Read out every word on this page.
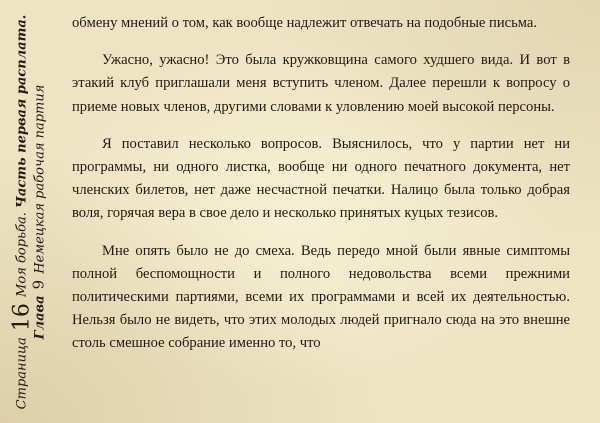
Страница 16 Моя борьба. Часть первая расплата.
Глава 9 Немецкая рабочая партия

обмену мнений о том, как вообще надлежит отвечать на подобные письма.

Ужасно, ужасно! Это была кружковщина самого худшего вида. И вот в этакий клуб приглашали меня вступить членом. Далее перешли к вопросу о приеме новых членов, другими словами к уловлению моей высокой персоны.

Я поставил несколько вопросов. Выяснилось, что у партии нет ни программы, ни одного листка, вообще ни одного печатного документа, нет членских билетов, нет даже несчастной печатки. Налицо была только добрая воля, горячая вера в свое дело и несколько принятых куцых тезисов.

Мне опять было не до смеха. Ведь передо мной были явные симптомы полной беспомощности и полного недовольства всеми прежними политическими партиями, всеми их программами и всей их деятельностью. Нельзя было не видеть, что этих молодых людей пригнало сюда на это внешне столь смешное собрание именно то, что
